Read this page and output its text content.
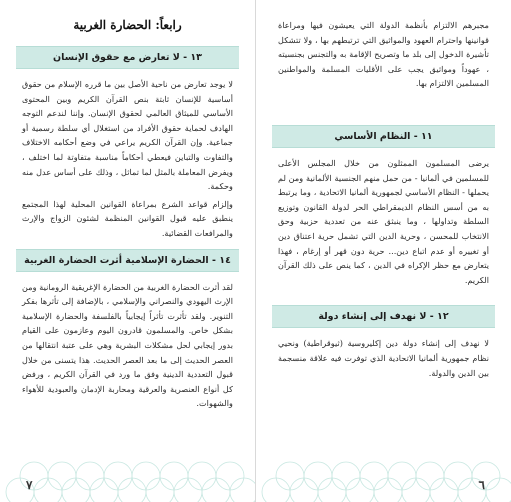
رابعاً: الحضارة الغربية
١٣ - لا تعارض مع حقوق الإنسان

لا يوجد تعارض من ناحية الأصل بين ما قرره الإسلام من حقوق أساسية للإنسان ثابتة بنص القرآن الكريم وبين المحتوى الأساسي للميثاق العالمي لحقوق الإنسان. وإننا لندعم التوجه الهادف لحماية حقوق الأفراد من استغلال أي سلطة رسمية أو جماعية. وإن القرآن الكريم يراعي في وضع أحكامه الاختلاف والتفاوت والتباين فيعطي أحكاماً مناسبة متفاوتة لما اختلف ، ويفرض المعاملة بالمثل لما تماثل ، وذلك على أساس عدل منه وحكمة.

وإلزام قواعد الشرع بمراعاة القوانين المحلية لهذا المجتمع ينطبق عليه قبول القوانين المنظمة لشئون الزواج والإرث والمرافعات القضائية.

١٤ - الحضارة الإسلامية أثرت الحضارة الغربية

لقد أثرت الحضارة الغربية من الحضارة الإغريقية الرومانية ومن الإرث اليهودي والنصراني والإسلامي ، بالإضافة إلى تأثرها بفكر التنوير. ولقد تأثرت تأثراً إيجابياً بالفلسفة والحضارة الإسلامية بشكل خاص. والمسلمون قادرون اليوم وعازمون على القيام بدور إيجابي لحل مشكلات البشرية وهي على عتبة انتقالها من العصر الحديث إلى ما بعد العصر الحديث. هذا يتسنى من خلال قبول التعددية الدينية وفق ما ورد في القرآن الكريم ، ورفض كل أنواع العنصرية والعرقية ومحاربة الإدمان والعبودية للأهواء والشهوات.

٧

مجبرهم الالتزام بأنظمة الدولة التي يعيشون فيها ومراعاة قوانينها واحترام العهود والمواثيق التي ترتبطهم بها ، ولا تتشكل تأشيرة الدخول إلى بلد ما وتصريح الإقامة به والتجنس بجنسيته ، عهوداً ومواثيق يجب على الأقليات المسلمة والمواطنين المسلمين الالتزام بها.

١١ - النظام الأساسي

يرضى المسلمون الممثلون من خلال المجلس الأعلى للمسلمين في ألمانيا - من حمل منهم الجنسية الألمانية ومن لم يحملها - النظام الأساسي لجمهورية ألمانيا الاتحادية ، وما يرتبط به من أسس النظام الديمقراطي الحر لدولة القانون وتوزيع السلطة وتداولها ، وما ينبثق عنه من تعددية حزبية وحق الانتخاب للمحسن ، وحرية الدين التي تشمل حرية اعتناق دين أو تغييره أو عدم اتباع دين... حرية دون قهر أو إرغام ، فهذا يتعارض مع حظر الإكراه في الدين ، كما ينص على ذلك القرآن الكريم.

١٢ - لا نهدف إلى إنشاء دولة

لا نهدف إلى إنشاء دولة دين إكليروسية (ثيوقراطية) ونحيي نظام جمهورية ألمانيا الاتحادية الذي توفرت فيه علاقة منسجمة بين الدين والدولة.

٦
